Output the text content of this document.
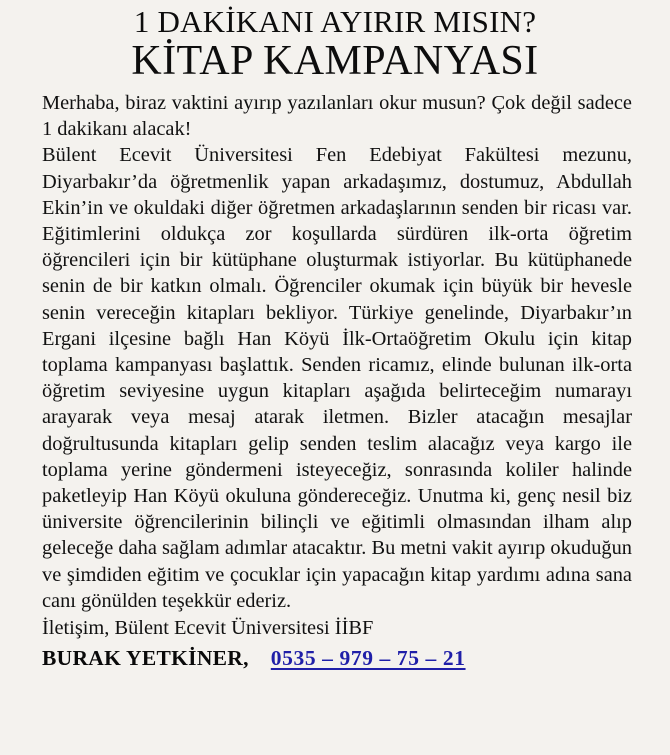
1 DAKİKANI AYIRIR MISIN?
KİTAP KAMPANYASI

Merhaba, biraz vaktini ayırıp yazılanları okur musun? Çok değil sadece 1 dakikanı alacak!

Bülent Ecevit Üniversitesi Fen Edebiyat Fakültesi mezunu, Diyarbakır’da öğretmenlik yapan arkadaşımız, dostumuz, Abdullah Ekin’in ve okuldaki diğer öğretmen arkadaşlarının senden bir ricası var. Eğitimlerini oldukça zor koşullarda sürdüren ilk-orta öğretim öğrencileri için bir kütüphane oluşturmak istiyorlar. Bu kütüphanede senin de bir katkın olmalı. Öğrenciler okumak için büyük bir hevesle senin vereceğin kitapları bekliyor. Türkiye genelinde, Diyarbakır’ın Ergani ilçesine bağlı Han Köyü İlk-Ortaöğretim Okulu için kitap toplama kampanyası başlattık. Senden ricamız, elinde bulunan ilk-orta öğretim seviyesine uygun kitapları aşağıda belirteceğim numarayı arayarak veya mesaj atarak iletmen. Bizler atacağın mesajlar doğrultusunda kitapları gelip senden teslim alacağız veya kargo ile toplama yerine göndermeni isteyeceğiz, sonrasında koliler halinde paketleyip Han Köyü okuluna göndereceğiz. Unutma ki, genç nesil biz üniversite öğrencilerinin bilinçli ve eğitimli olmasından ilham alıp geleceğe daha sağlam adımlar atacaktır. Bu metni vakit ayırıp okuduğun ve şimdiden eğitim ve çocuklar için yapacağın kitap yardımı adına sana canı gönülden teşekkür ederiz.

İletişim, Bülent Ecevit Üniversitesi İİBF
BURAK YETKİNER, 0535 – 979 – 75 – 21
